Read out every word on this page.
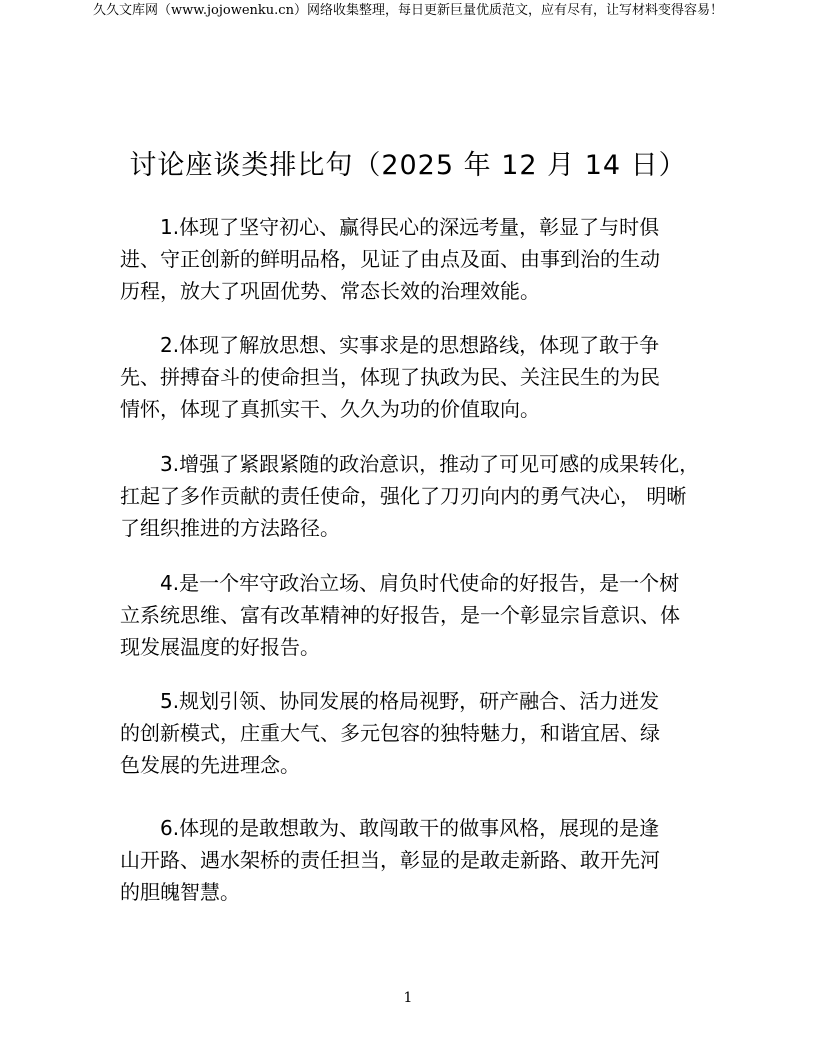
久久文库网（www.jojowenku.cn）网络收集整理，每日更新巨量优质范文，应有尽有，让写材料变得容易！
讨论座谈类排比句（2025 年 12 月 14 日）
1.体现了坚守初心、赢得民心的深远考量，彰显了与时俱
进、守正创新的鲜明品格，见证了由点及面、由事到治的生动
历程，放大了巩固优势、常态长效的治理效能。
2.体现了解放思想、实事求是的思想路线，体现了敢于争
先、拼搏奋斗的使命担当，体现了执政为民、关注民生的为民
情怀，体现了真抓实干、久久为功的价值取向。
3.增强了紧跟紧随的政治意识，推动了可见可感的成果转化，
扛起了多作贡献的责任使命，强化了刀刃向内的勇气决心， 明晰
了组织推进的方法路径。
4.是一个牢守政治立场、肩负时代使命的好报告，是一个树
立系统思维、富有改革精神的好报告，是一个彰显宗旨意识、体
现发展温度的好报告。
5.规划引领、协同发展的格局视野，研产融合、活力迸发
的创新模式，庄重大气、多元包容的独特魅力，和谐宜居、绿
色发展的先进理念。
6.体现的是敢想敢为、敢闯敢干的做事风格，展现的是逢
山开路、遇水架桥的责任担当，彰显的是敢走新路、敢开先河
的胆魄智慧。
1
